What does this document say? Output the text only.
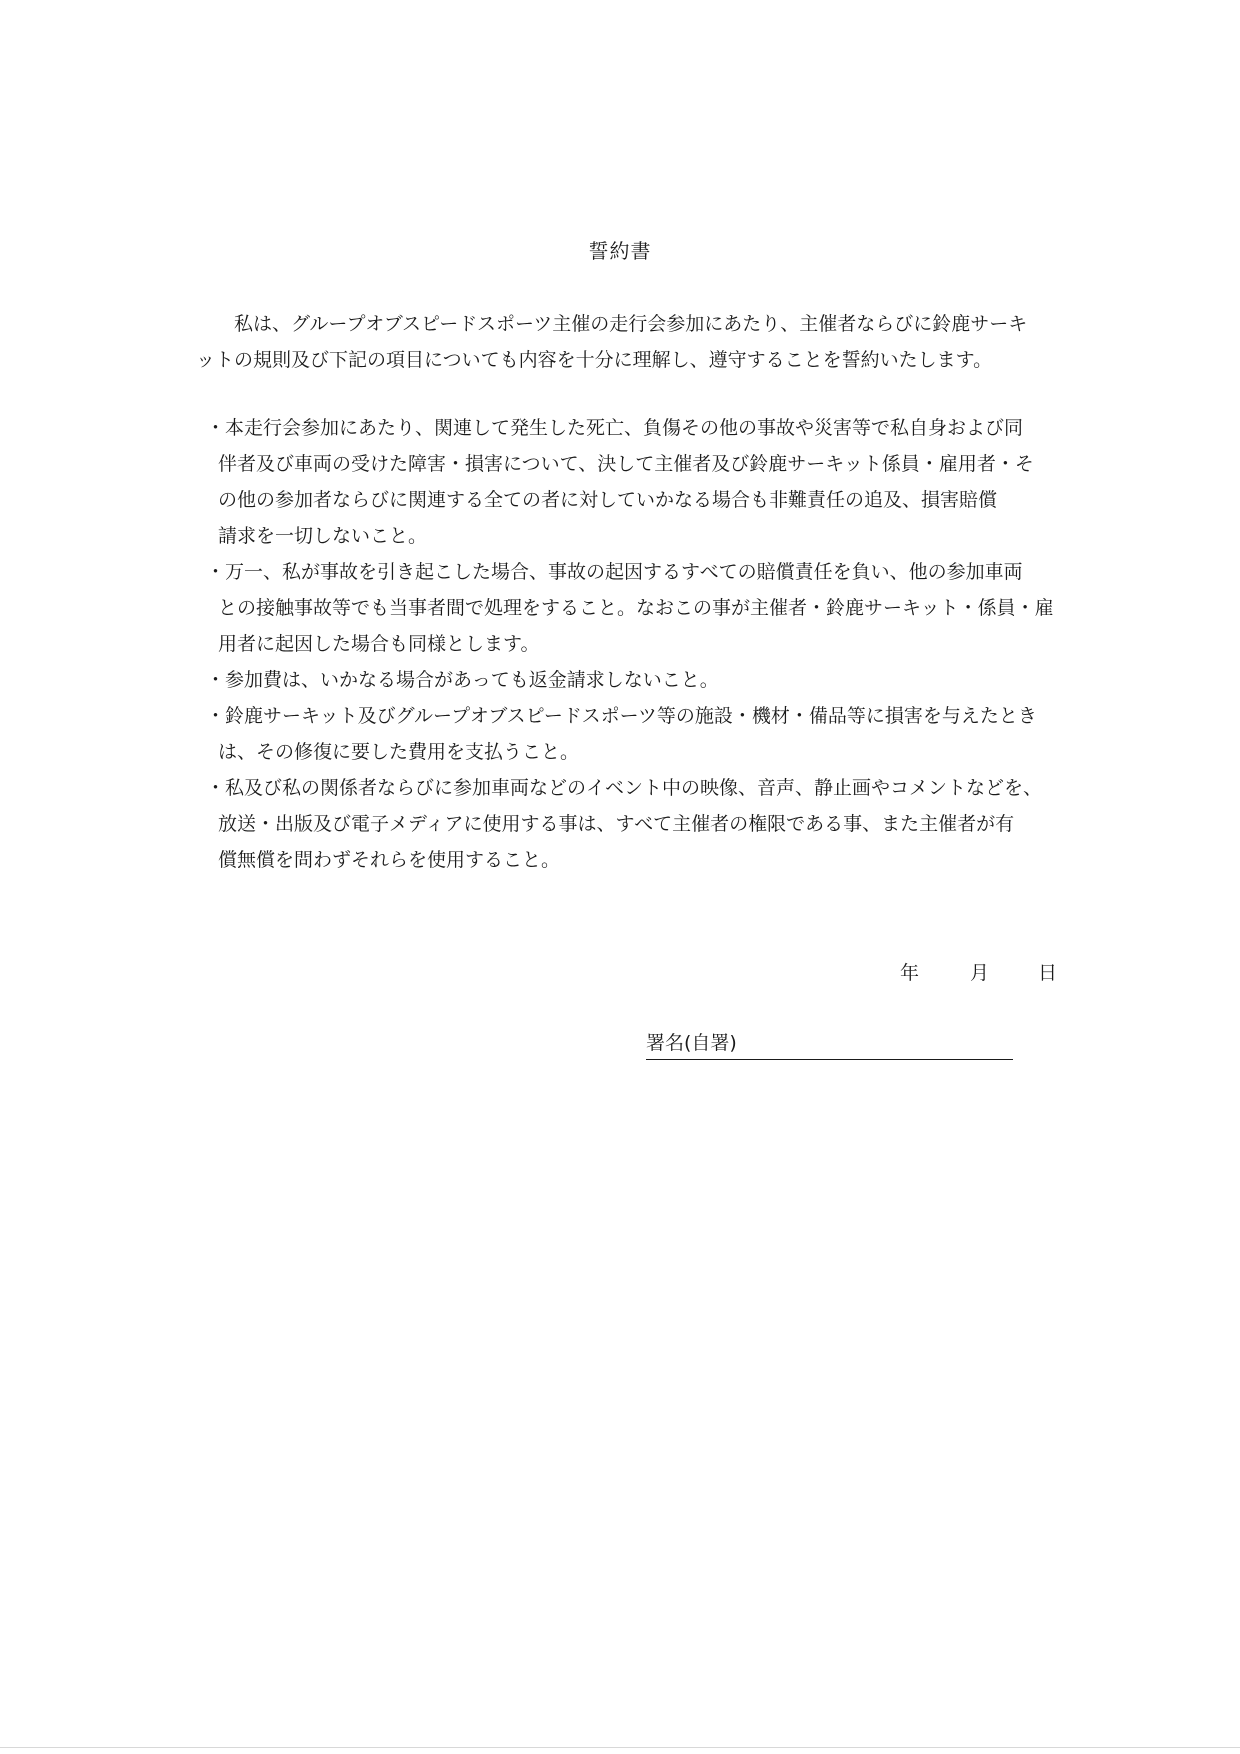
誓約書
私は、グループオブスピードスポーツ主催の走行会参加にあたり、主催者ならびに鈴鹿サーキ
ットの規則及び下記の項目についても内容を十分に理解し、遵守することを誓約いたします。
・本走行会参加にあたり、関連して発生した死亡、負傷その他の事故や災害等で私自身および同
伴者及び車両の受けた障害・損害について、決して主催者及び鈴鹿サーキット係員・雇用者・そ
の他の参加者ならびに関連する全ての者に対していかなる場合も非難責任の追及、損害賠償
請求を一切しないこと。
・万一、私が事故を引き起こした場合、事故の起因するすべての賠償責任を負い、他の参加車両
との接触事故等でも当事者間で処理をすること。なおこの事が主催者・鈴鹿サーキット・係員・雇
用者に起因した場合も同様とします。
・参加費は、いかなる場合があっても返金請求しないこと。
・鈴鹿サーキット及びグループオブスピードスポーツ等の施設・機材・備品等に損害を与えたとき
は、その修復に要した費用を支払うこと。
・私及び私の関係者ならびに参加車両などのイベント中の映像、音声、静止画やコメントなどを、
放送・出版及び電子メディアに使用する事は、すべて主催者の権限である事、また主催者が有
償無償を問わずそれらを使用すること。
年	月	日
署名(自署)
